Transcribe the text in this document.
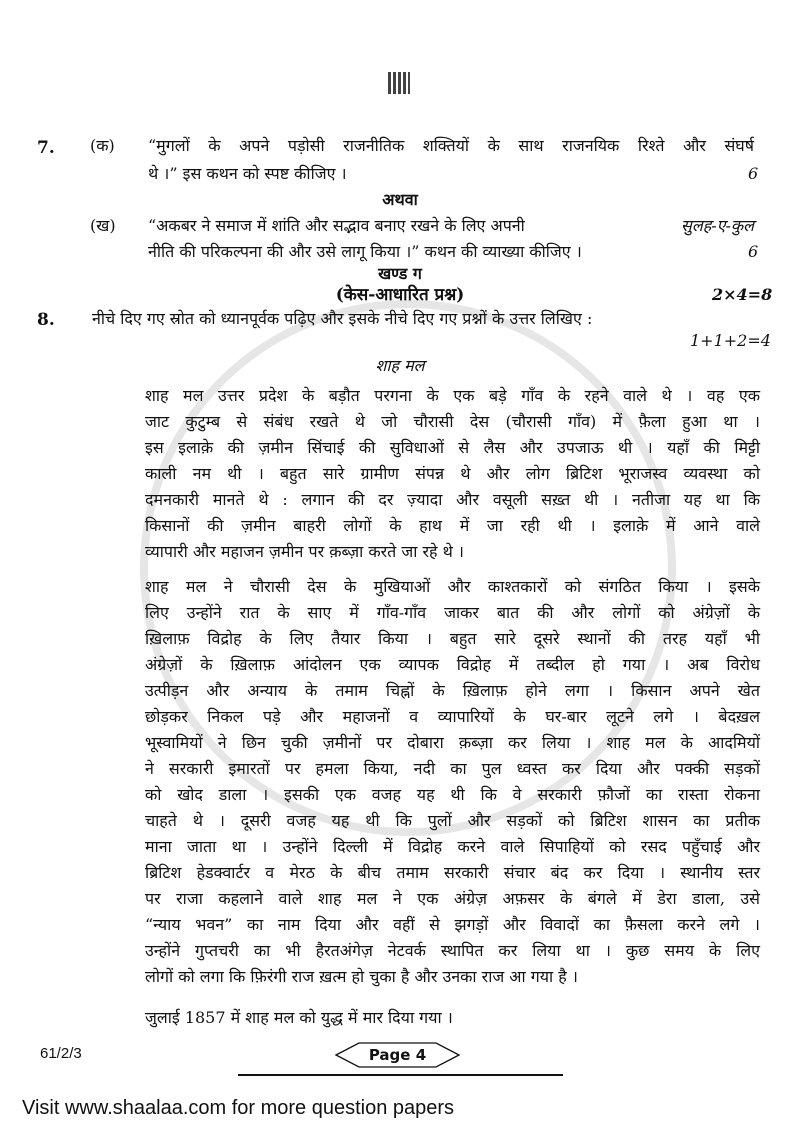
7. (क) “मुगलों के अपने पड़ोसी राजनीतिक शक्तियों के साथ राजनयिक रिश्ते और संघर्ष
थे ।” इस कथन को स्पष्ट कीजिए ।	6
अथवा
(ख) “अकबर ने समाज में शांति और सद्भाव बनाए रखने के लिए अपनी	सुलह-ए-कुल
नीति की परिकल्पना की और उसे लागू किया ।” कथन की व्याख्या कीजिए ।	6
खण्ड ग
(केस-आधारित प्रश्न)	2×4=8
8. नीचे दिए गए स्रोत को ध्यानपूर्वक पढ़िए और इसके नीचे दिए गए प्रश्नों के उत्तर लिखिए :
1+1+2=4
शाह मल
शाह मल उत्तर प्रदेश के बड़ौत परगना के एक बड़े गाँव के रहने वाले थे । वह एक
जाट कुटुम्ब से संबंध रखते थे जो चौरासी देस (चौरासी गाँव) में फ़ैला हुआ था ।
इस इलाक़े की ज़मीन सिंचाई की सुविधाओं से लैस और उपजाऊ थी । यहाँ की मिट्टी
काली नम थी । बहुत सारे ग्रामीण संपन्न थे और लोग ब्रिटिश भूराजस्व व्यवस्था को
दमनकारी मानते थे : लगान की दर ज़्यादा और वसूली सख़्त थी । नतीजा यह था कि
किसानों की ज़मीन बाहरी लोगों के हाथ में जा रही थी । इलाक़े में आने वाले
व्यापारी और महाजन ज़मीन पर क़ब्ज़ा करते जा रहे थे ।
शाह मल ने चौरासी देस के मुखियाओं और काश्तकारों को संगठित किया । इसके
लिए उन्होंने रात के साए में गाँव-गाँव जाकर बात की और लोगों को अंग्रेज़ों के
ख़िलाफ़ विद्रोह के लिए तैयार किया । बहुत सारे दूसरे स्थानों की तरह यहाँ भी
अंग्रेज़ों के ख़िलाफ़ आंदोलन एक व्यापक विद्रोह में तब्दील हो गया । अब विरोध
उत्पीड़न और अन्याय के तमाम चिह्नों के ख़िलाफ़ होने लगा । किसान अपने खेत
छोड़कर निकल पड़े और महाजनों व व्यापारियों के घर-बार लूटने लगे । बेदख़ल
भूस्वामियों ने छिन चुकी ज़मीनों पर दोबारा क़ब्ज़ा कर लिया । शाह मल के आदमियों
ने सरकारी इमारतों पर हमला किया, नदी का पुल ध्वस्त कर दिया और पक्की सड़कों
को खोद डाला । इसकी एक वजह यह थी कि वे सरकारी फ़ौजों का रास्ता रोकना
चाहते थे । दूसरी वजह यह थी कि पुलों और सड़कों को ब्रिटिश शासन का प्रतीक
माना जाता था । उन्होंने दिल्ली में विद्रोह करने वाले सिपाहियों को रसद पहुँचाई और
ब्रिटिश हेडक्वार्टर व मेरठ के बीच तमाम सरकारी संचार बंद कर दिया । स्थानीय स्तर
पर राजा कहलाने वाले शाह मल ने एक अंग्रेज़ अफ़सर के बंगले में डेरा डाला, उसे
“न्याय भवन” का नाम दिया और वहीं से झगड़ों और विवादों का फ़ैसला करने लगे ।
उन्होंने गुप्तचरी का भी हैरतअंगेज़ नेटवर्क स्थापित कर लिया था । कुछ समय के लिए
लोगों को लगा कि फ़िरंगी राज ख़त्म हो चुका है और उनका राज आ गया है ।
जुलाई 1857 में शाह मल को युद्ध में मार दिया गया ।
61/2/3	Page 4
Visit www.shaalaa.com for more question papers
